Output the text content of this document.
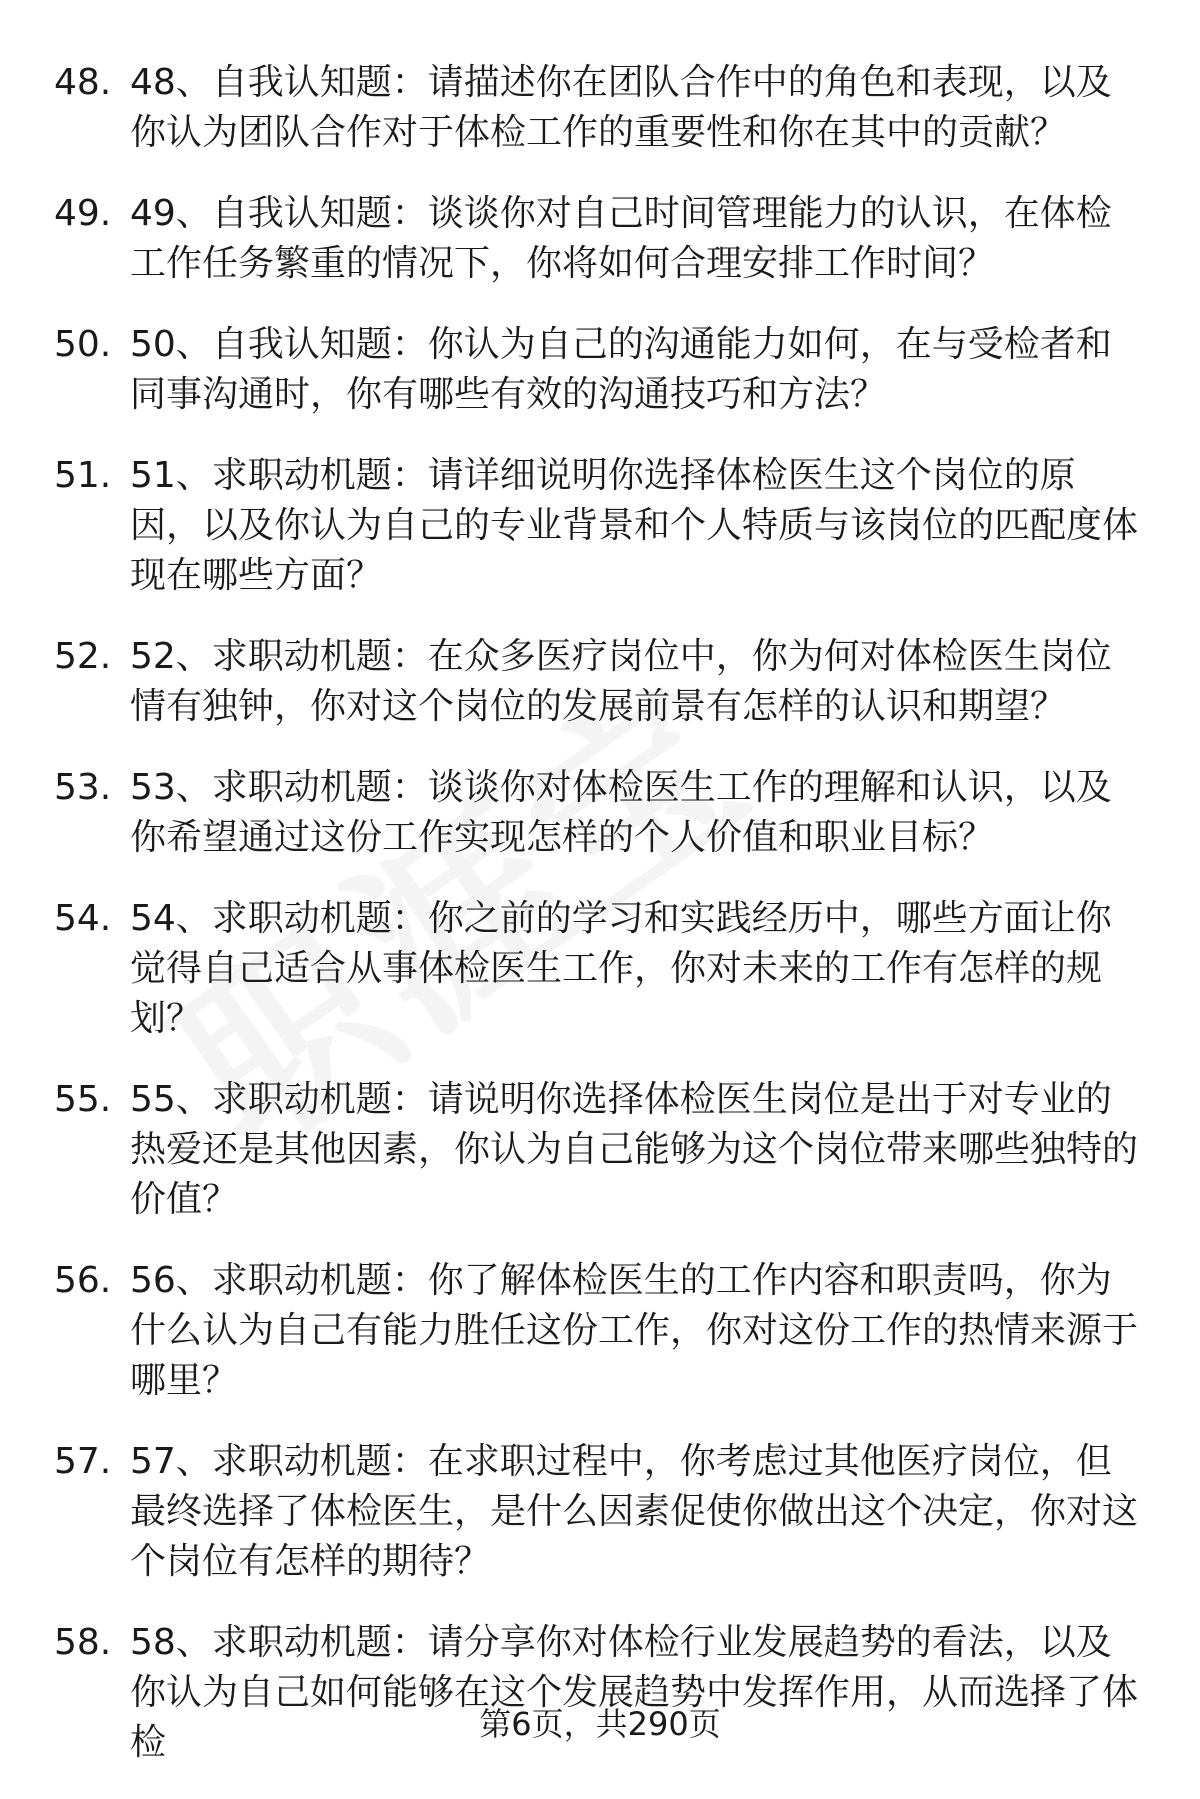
48. 48、自我认知题：请描述你在团队合作中的角色和表现，以及你认为团队合作对于体检工作的重要性和你在其中的贡献？
49. 49、自我认知题：谈谈你对自己时间管理能力的认识，在体检工作任务繁重的情况下，你将如何合理安排工作时间？
50. 50、自我认知题：你认为自己的沟通能力如何，在与受检者和同事沟通时，你有哪些有效的沟通技巧和方法？
51. 51、求职动机题：请详细说明你选择体检医生这个岗位的原因，以及你认为自己的专业背景和个人特质与该岗位的匹配度体现在哪些方面？
52. 52、求职动机题：在众多医疗岗位中，你为何对体检医生岗位情有独钟，你对这个岗位的发展前景有怎样的认识和期望？
53. 53、求职动机题：谈谈你对体检医生工作的理解和认识，以及你希望通过这份工作实现怎样的个人价值和职业目标？
54. 54、求职动机题：你之前的学习和实践经历中，哪些方面让你觉得自己适合从事体检医生工作，你对未来的工作有怎样的规划？
55. 55、求职动机题：请说明你选择体检医生岗位是出于对专业的热爱还是其他因素，你认为自己能够为这个岗位带来哪些独特的价值？
56. 56、求职动机题：你了解体检医生的工作内容和职责吗，你为什么认为自己有能力胜任这份工作，你对这份工作的热情来源于哪里？
57. 57、求职动机题：在求职过程中，你考虑过其他医疗岗位，但最终选择了体检医生，是什么因素促使你做出这个决定，你对这个岗位有怎样的期待？
58. 58、求职动机题：请分享你对体检行业发展趋势的看法，以及你认为自己如何能够在这个发展趋势中发挥作用，从而选择了体检	第6页，共290页
